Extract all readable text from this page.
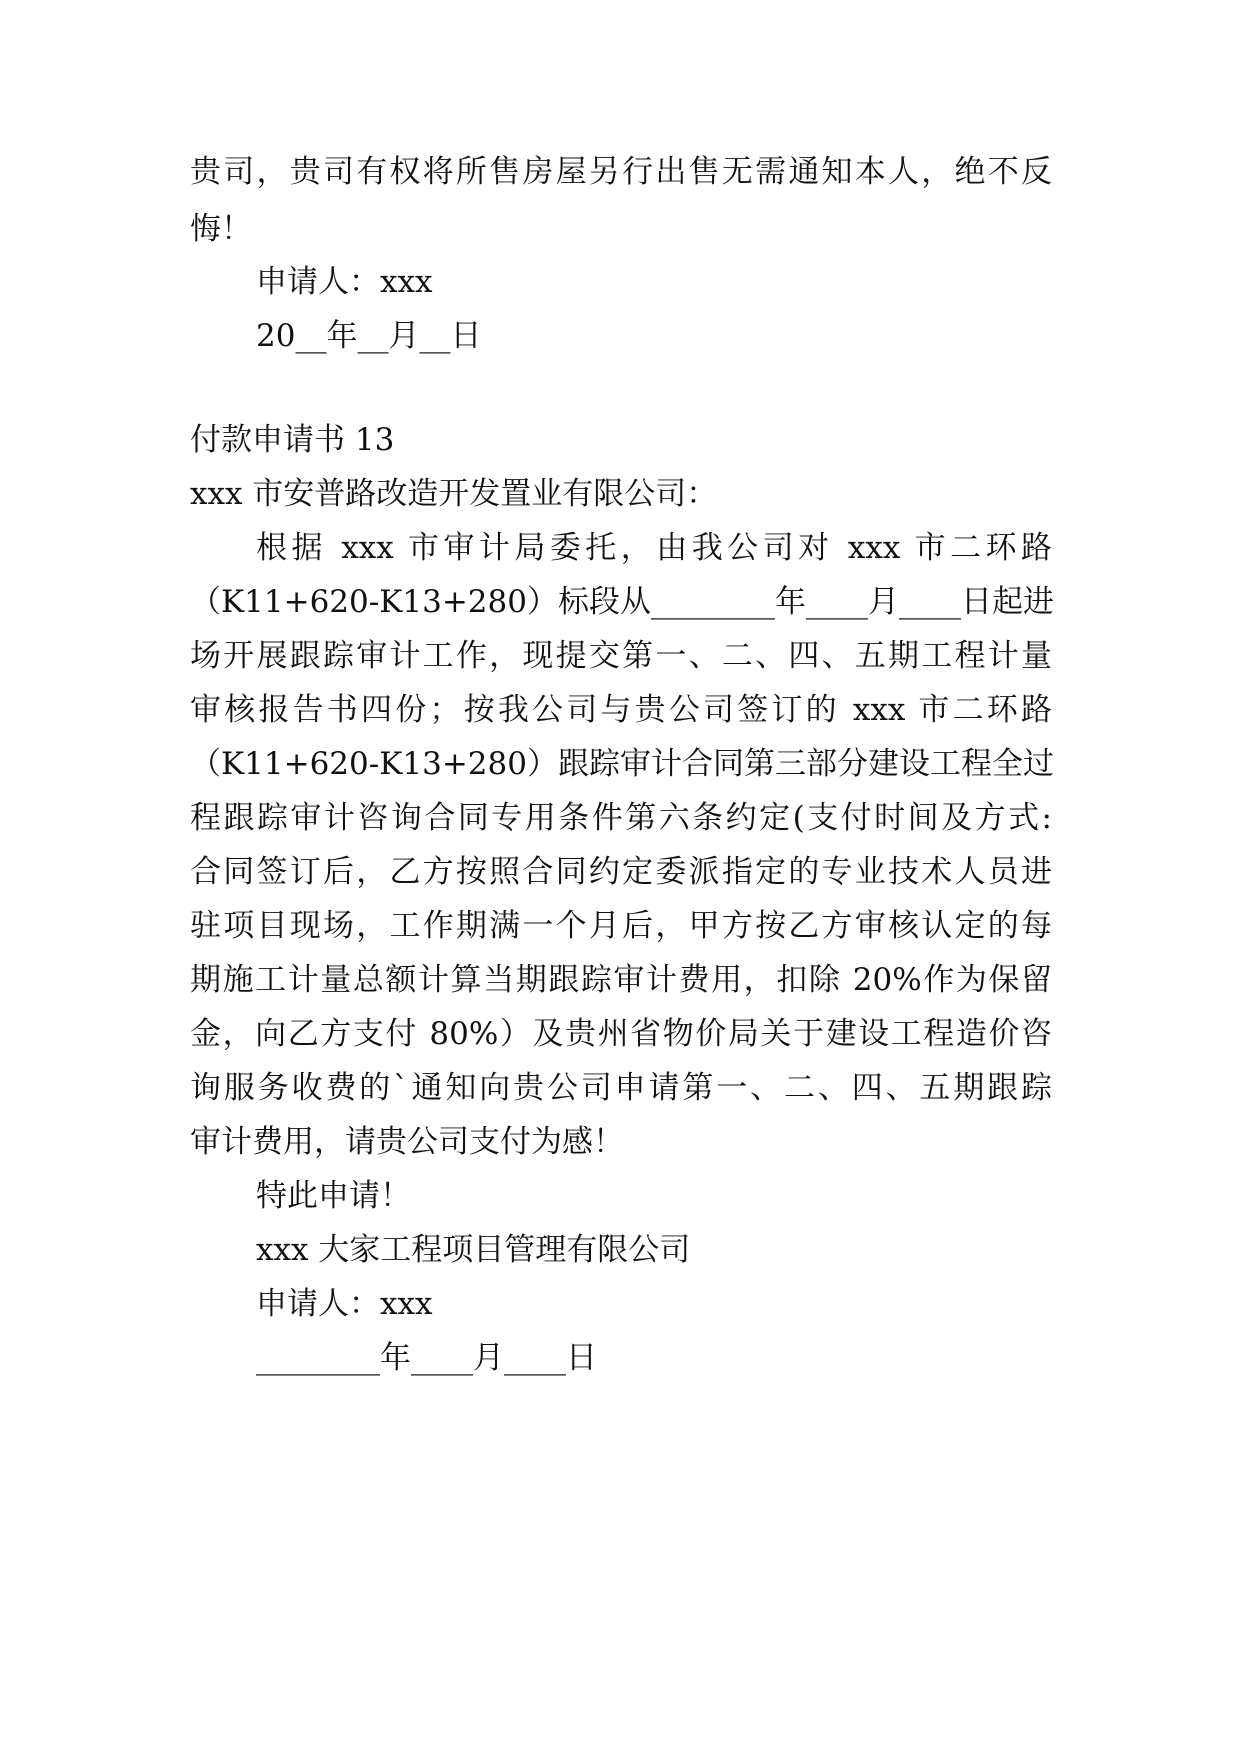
贵司，贵司有权将所售房屋另行出售无需通知本人，绝不反
悔！
申请人：xxx
20__年__月__日
付款申请书 13
xxx 市安普路改造开发置业有限公司：
根据 xxx 市审计局委托，由我公司对 xxx 市二环路
（K11+620-K13+280）标段从________年____月____日起进
场开展跟踪审计工作，现提交第一、二、四、五期工程计量
审核报告书四份；按我公司与贵公司签订的 xxx 市二环路
（K11+620-K13+280）跟踪审计合同第三部分建设工程全过
程跟踪审计咨询合同专用条件第六条约定(支付时间及方式:
合同签订后，乙方按照合同约定委派指定的专业技术人员进
驻项目现场，工作期满一个月后，甲方按乙方审核认定的每
期施工计量总额计算当期跟踪审计费用，扣除 20%作为保留
金，向乙方支付 80%）及贵州省物价局关于建设工程造价咨
询服务收费的`通知向贵公司申请第一、二、四、五期跟踪
审计费用，请贵公司支付为感！
特此申请！
xxx 大家工程项目管理有限公司
申请人：xxx
________年____月____日
